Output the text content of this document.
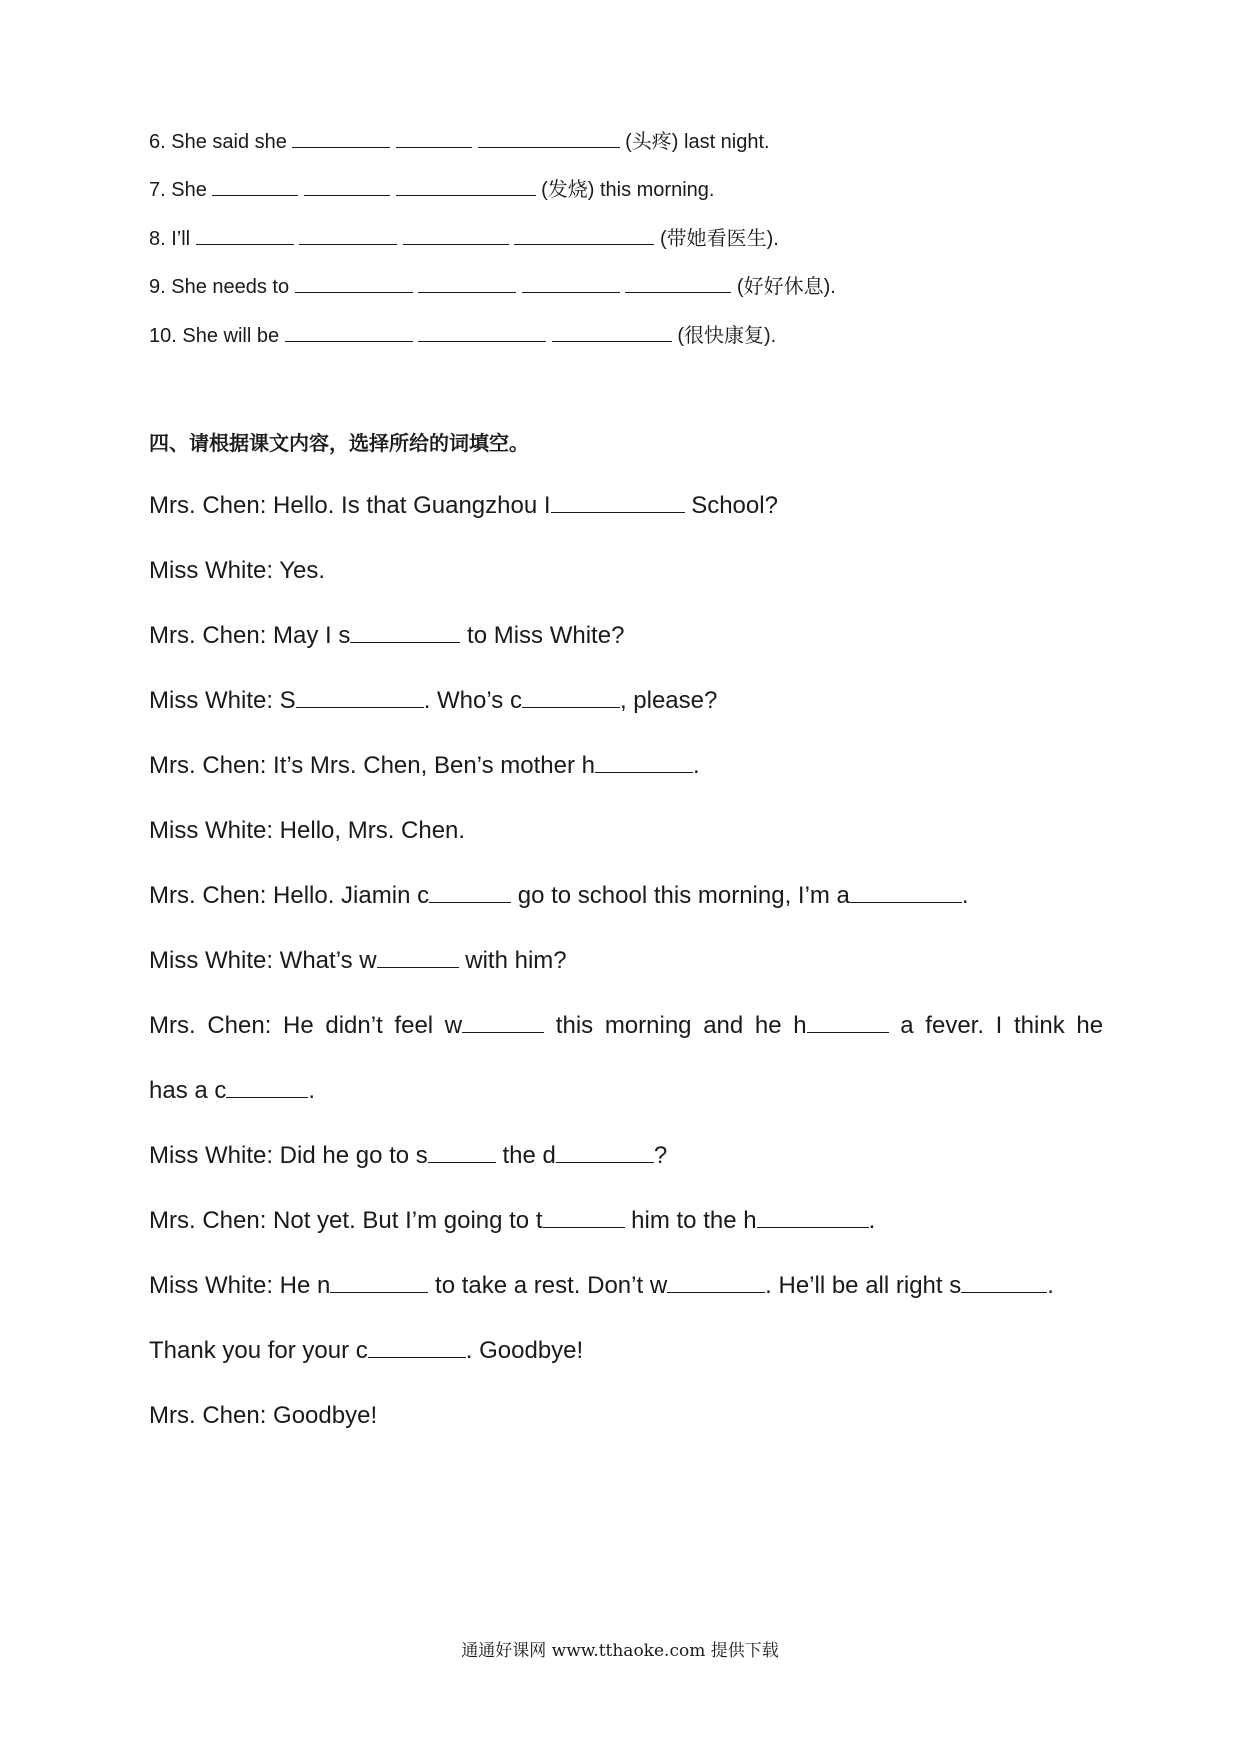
6. She said she	(头疼) last night.
7. She	(发烧) this morning.
8. I’ll	(带她看医生).
9. She needs to	(好好休息).
10. She will be	(很快康复).
四、请根据课文内容，选择所给的词填空。
Mrs. Chen: Hello. Is that Guangzhou I	School?
Miss White: Yes.
Mrs. Chen: May I s	to Miss White?
Miss White: S	. Who’s c	, please?
Mrs. Chen: It’s Mrs. Chen, Ben’s mother h	.
Miss White: Hello, Mrs. Chen.
Mrs. Chen: Hello. Jiamin c	go to school this morning, I’m a	.
Miss White: What’s w	with him?
Mrs. Chen: He didn’t feel w	this morning and he h	a fever. I think he
has a c	.
Miss White: Did he go to s	the d	?
Mrs. Chen: Not yet. But I’m going to t	him to the h	.
Miss White: He n	to take a rest. Don’t w	. He’ll be all right s	.
Thank you for your c	. Goodbye!
Mrs. Chen: Goodbye!
通通好课网 www.tthaoke.com 提供下载
